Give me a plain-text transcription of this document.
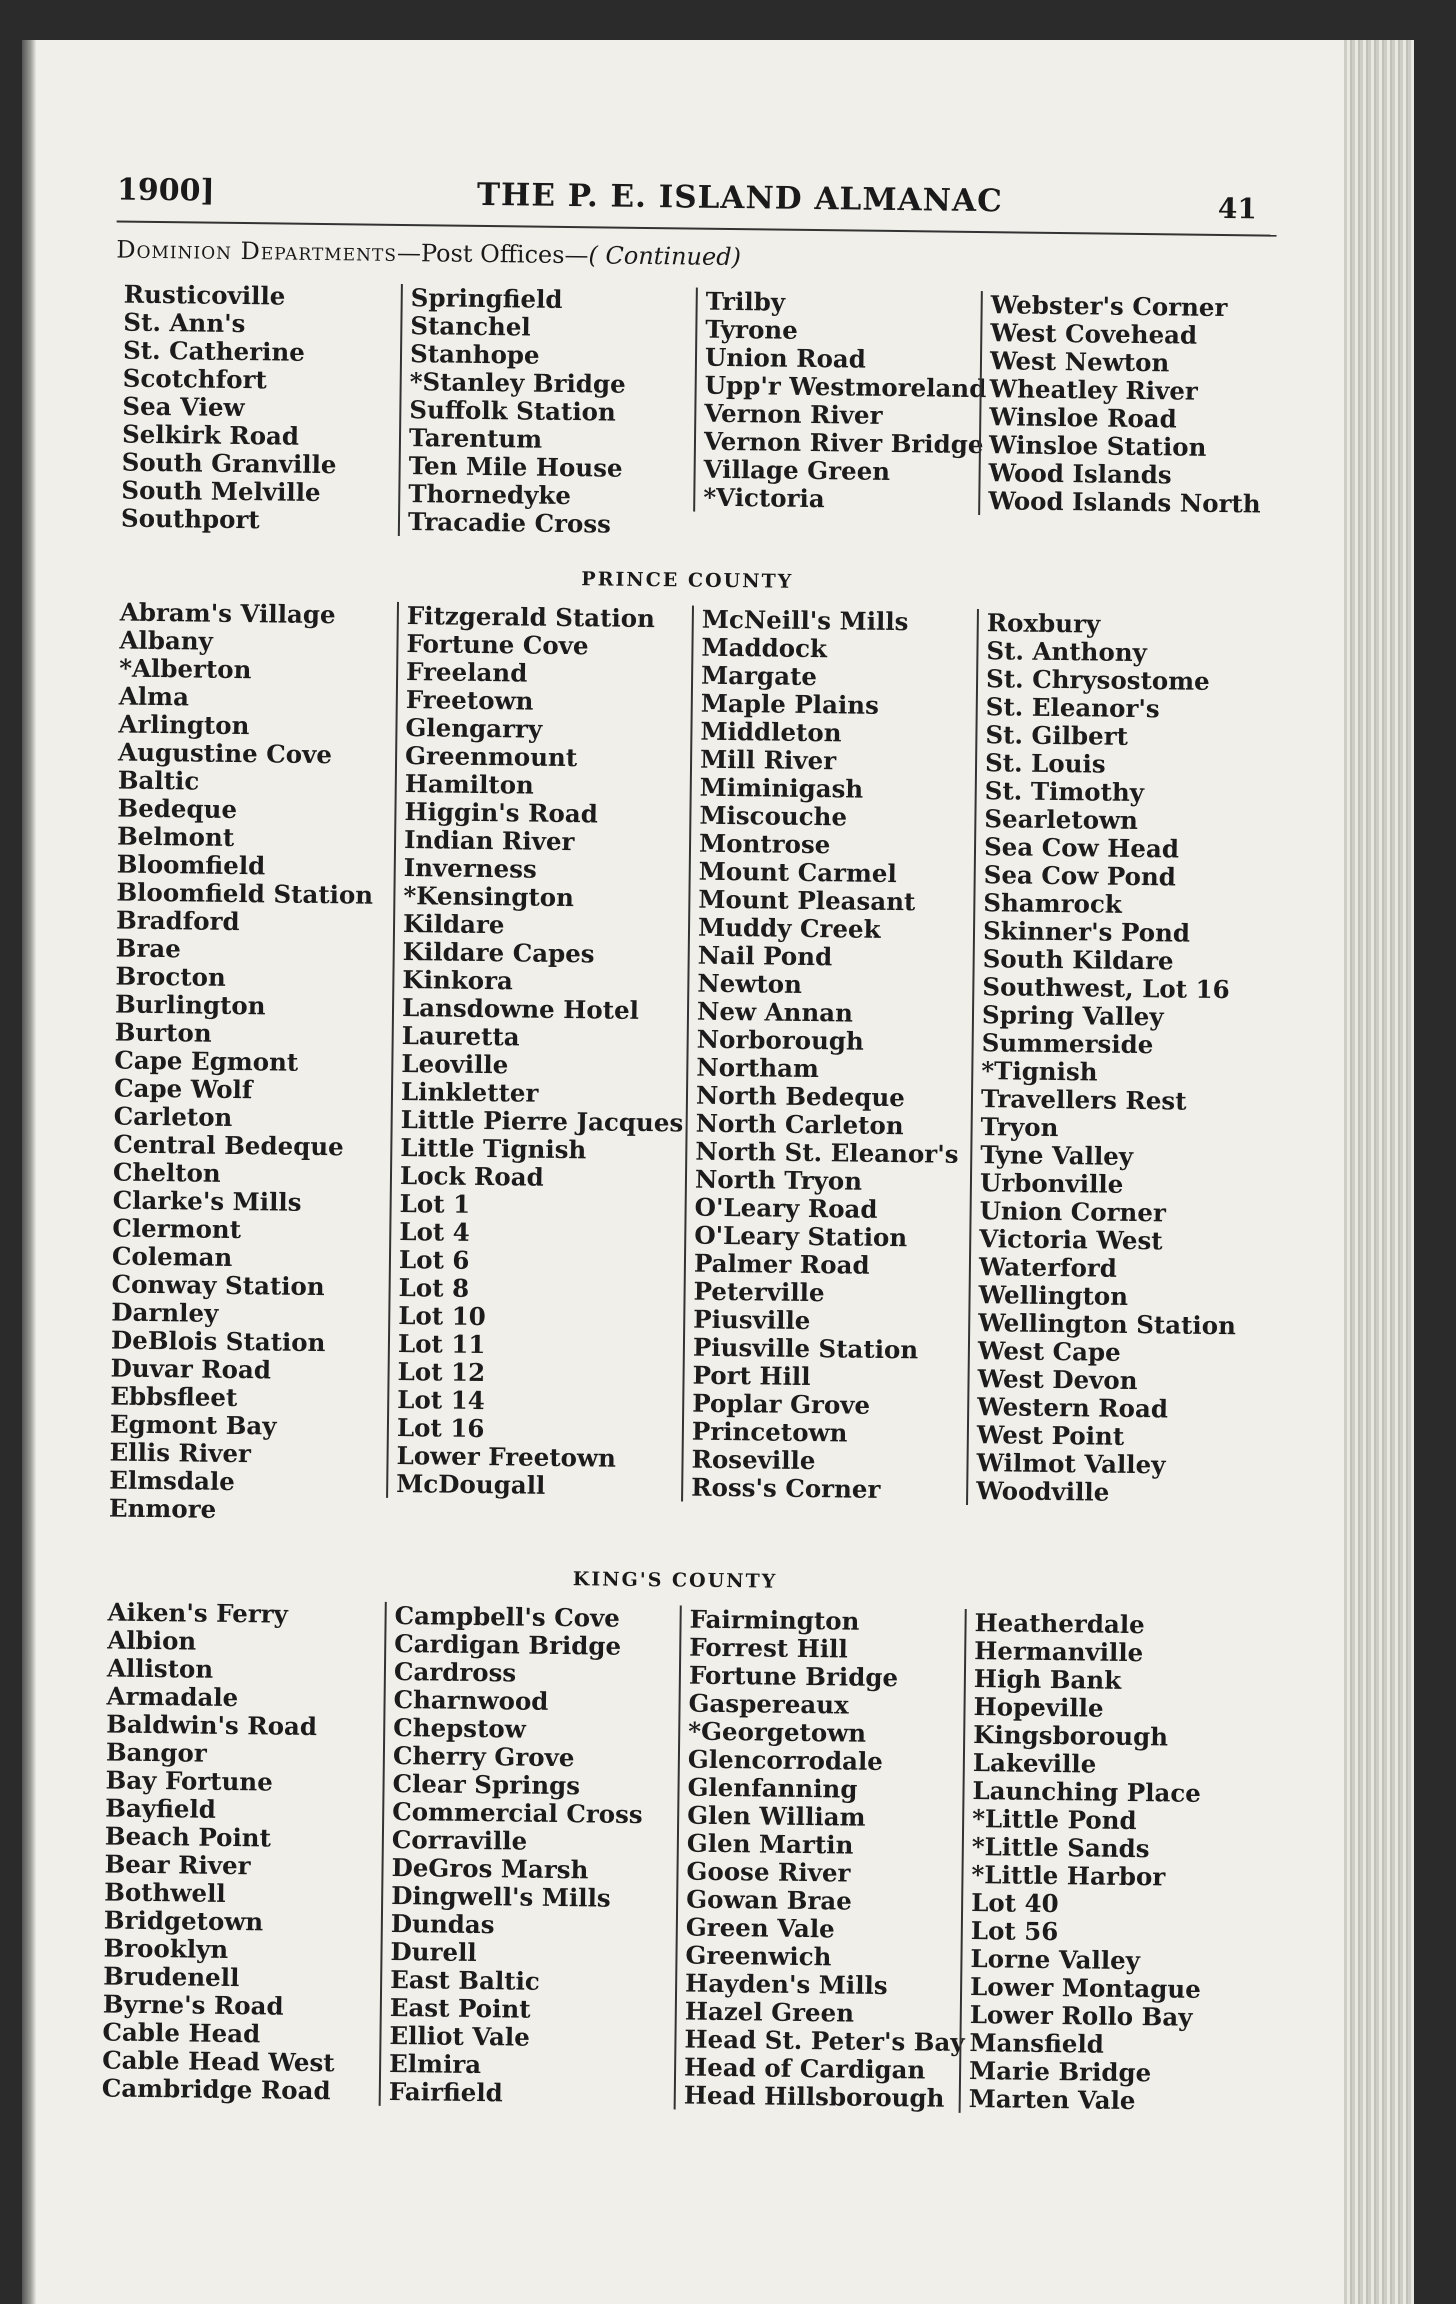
1900]	THE P. E. ISLAND ALMANAC	41
Dominion Departments—Post Offices—( Continued)
Rusticoville
St. Ann's
St. Catherine
Scotchfort
Sea View
Selkirk Road
South Granville
South Melville
Southport
Springfield
Stanchel
Stanhope
*Stanley Bridge
Suffolk Station
Tarentum
Ten Mile House
Thornedyke
Tracadie Cross
Trilby
Tyrone
Union Road
Upp'r Westmoreland
Vernon River
Vernon River Bridge
Village Green
*Victoria
Webster's Corner
West Covehead
West Newton
Wheatley River
Winsloe Road
Winsloe Station
Wood Islands
Wood Islands North
PRINCE COUNTY
Abram's Village
Albany
*Alberton
Alma
Arlington
Augustine Cove
Baltic
Bedeque
Belmont
Bloomfield
Bloomfield Station
Bradford
Brae
Brocton
Burlington
Burton
Cape Egmont
Cape Wolf
Carleton
Central Bedeque
Chelton
Clarke's Mills
Clermont
Coleman
Conway Station
Darnley
DeBlois Station
Duvar Road
Ebbsfleet
Egmont Bay
Ellis River
Elmsdale
Enmore
Fitzgerald Station
Fortune Cove
Freeland
Freetown
Glengarry
Greenmount
Hamilton
Higgin's Road
Indian River
Inverness
*Kensington
Kildare
Kildare Capes
Kinkora
Lansdowne Hotel
Lauretta
Leoville
Linkletter
Little Pierre Jacques
Little Tignish
Lock Road
Lot 1
Lot 4
Lot 6
Lot 8
Lot 10
Lot 11
Lot 12
Lot 14
Lot 16
Lower Freetown
McDougall
McNeill's Mills
Maddock
Margate
Maple Plains
Middleton
Mill River
Miminigash
Miscouche
Montrose
Mount Carmel
Mount Pleasant
Muddy Creek
Nail Pond
Newton
New Annan
Norborough
Northam
North Bedeque
North Carleton
North St. Eleanor's
North Tryon
O'Leary Road
O'Leary Station
Palmer Road
Peterville
Piusville
Piusville Station
Port Hill
Poplar Grove
Princetown
Roseville
Ross's Corner
Roxbury
St. Anthony
St. Chrysostome
St. Eleanor's
St. Gilbert
St. Louis
St. Timothy
Searletown
Sea Cow Head
Sea Cow Pond
Shamrock
Skinner's Pond
South Kildare
Southwest, Lot 16
Spring Valley
Summerside
*Tignish
Travellers Rest
Tryon
Tyne Valley
Urbonville
Union Corner
Victoria West
Waterford
Wellington
Wellington Station
West Cape
West Devon
Western Road
West Point
Wilmot Valley
Woodville
KING'S COUNTY
Aiken's Ferry
Albion
Alliston
Armadale
Baldwin's Road
Bangor
Bay Fortune
Bayfield
Beach Point
Bear River
Bothwell
Bridgetown
Brooklyn
Brudenell
Byrne's Road
Cable Head
Cable Head West
Cambridge Road
Campbell's Cove
Cardigan Bridge
Cardross
Charnwood
Chepstow
Cherry Grove
Clear Springs
Commercial Cross
Corraville
DeGros Marsh
Dingwell's Mills
Dundas
Durell
East Baltic
East Point
Elliot Vale
Elmira
Fairfield
Fairmington
Forrest Hill
Fortune Bridge
Gaspereaux
*Georgetown
Glencorrodale
Glenfanning
Glen William
Glen Martin
Goose River
Gowan Brae
Green Vale
Greenwich
Hayden's Mills
Hazel Green
Head St. Peter's Bay
Head of Cardigan
Head Hillsborough
Heatherdale
Hermanville
High Bank
Hopeville
Kingsborough
Lakeville
Launching Place
*Little Pond
*Little Sands
*Little Harbor
Lot 40
Lot 56
Lorne Valley
Lower Montague
Lower Rollo Bay
Mansfield
Marie Bridge
Marten Vale
